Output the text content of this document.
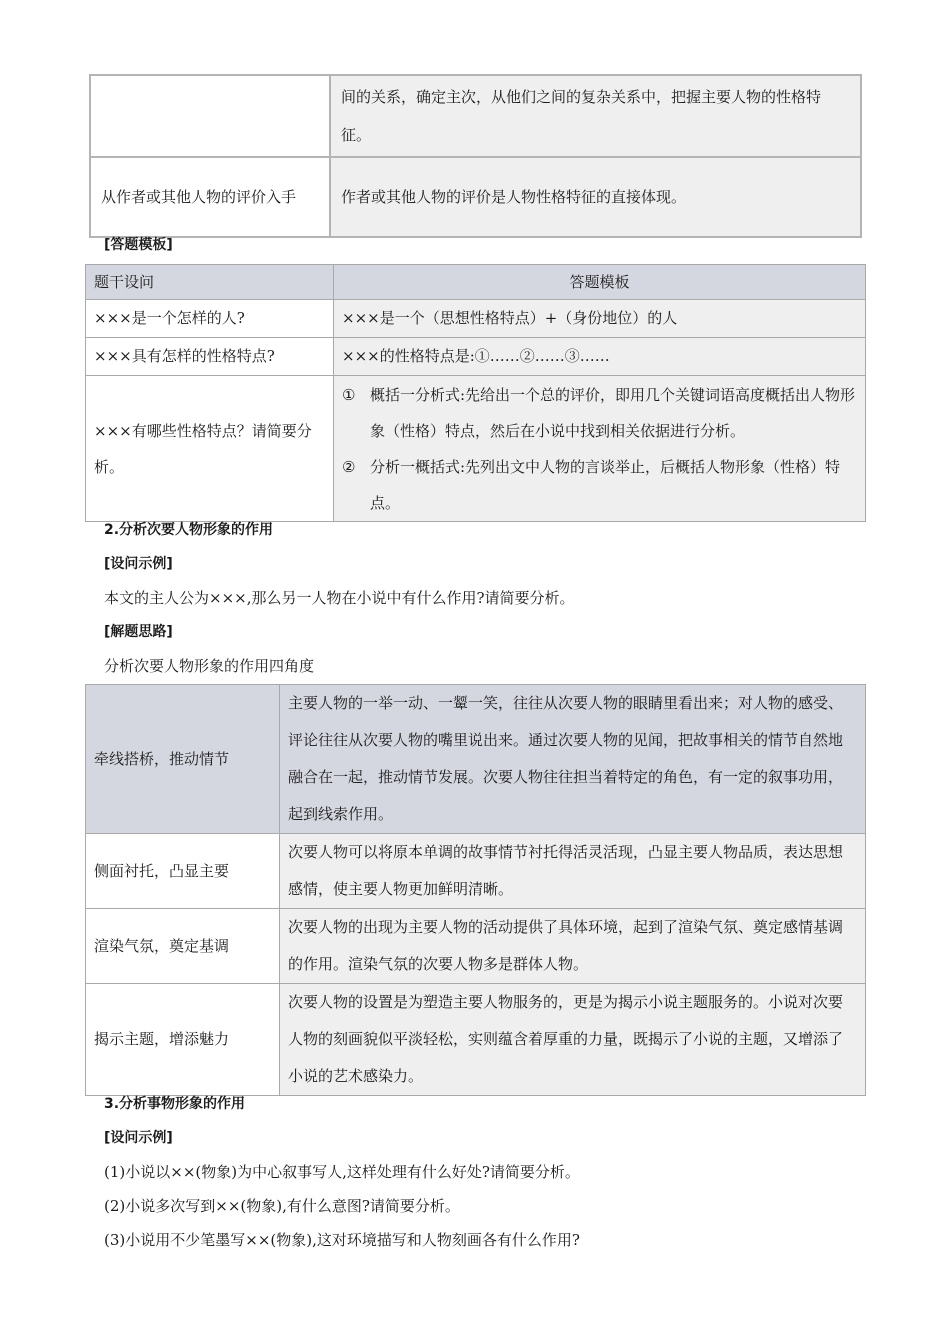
	间的关系，确定主次，从他们之间的复杂关系中，把握主要人物的性格特征。
从作者或其他人物的评价入手	作者或其他人物的评价是人物性格特征的直接体现。
[答题模板]
题干设问	答题模板
×××是一个怎样的人?	×××是一个（思想性格特点）+（身份地位）的人
×××具有怎样的性格特点?	×××的性格特点是:①……②……③……
×××有哪些性格特点？请简要分析。	① 概括一分析式:先给出一个总的评价，即用几个关键词语高度概括出人物形象（性格）特点，然后在小说中找到相关依据进行分析。
② 分析一概括式:先列出文中人物的言谈举止，后概括人物形象（性格）特点。
2.分析次要人物形象的作用
[设问示例]
本文的主人公为×××,那么另一人物在小说中有什么作用?请简要分析。
[解题思路]
分析次要人物形象的作用四角度
牵线搭桥，推动情节	主要人物的一举一动、一颦一笑，往往从次要人物的眼睛里看出来；对人物的感受、评论往往从次要人物的嘴里说出来。通过次要人物的见闻，把故事相关的情节自然地融合在一起，推动情节发展。次要人物往往担当着特定的角色，有一定的叙事功用，起到线索作用。
侧面衬托，凸显主要	次要人物可以将原本单调的故事情节衬托得活灵活现，凸显主要人物品质，表达思想感情，使主要人物更加鲜明清晰。
渲染气氛，奠定基调	次要人物的出现为主要人物的活动提供了具体环境，起到了渲染气氛、奠定感情基调的作用。渲染气氛的次要人物多是群体人物。
揭示主题，增添魅力	次要人物的设置是为塑造主要人物服务的，更是为揭示小说主题服务的。小说对次要人物的刻画貌似平淡轻松，实则蕴含着厚重的力量，既揭示了小说的主题，又增添了小说的艺术感染力。
3.分析事物形象的作用
[设问示例]
(1)小说以××(物象)为中心叙事写人,这样处理有什么好处?请简要分析。
(2)小说多次写到××(物象),有什么意图?请简要分析。
(3)小说用不少笔墨写××(物象),这对环境描写和人物刻画各有什么作用?
